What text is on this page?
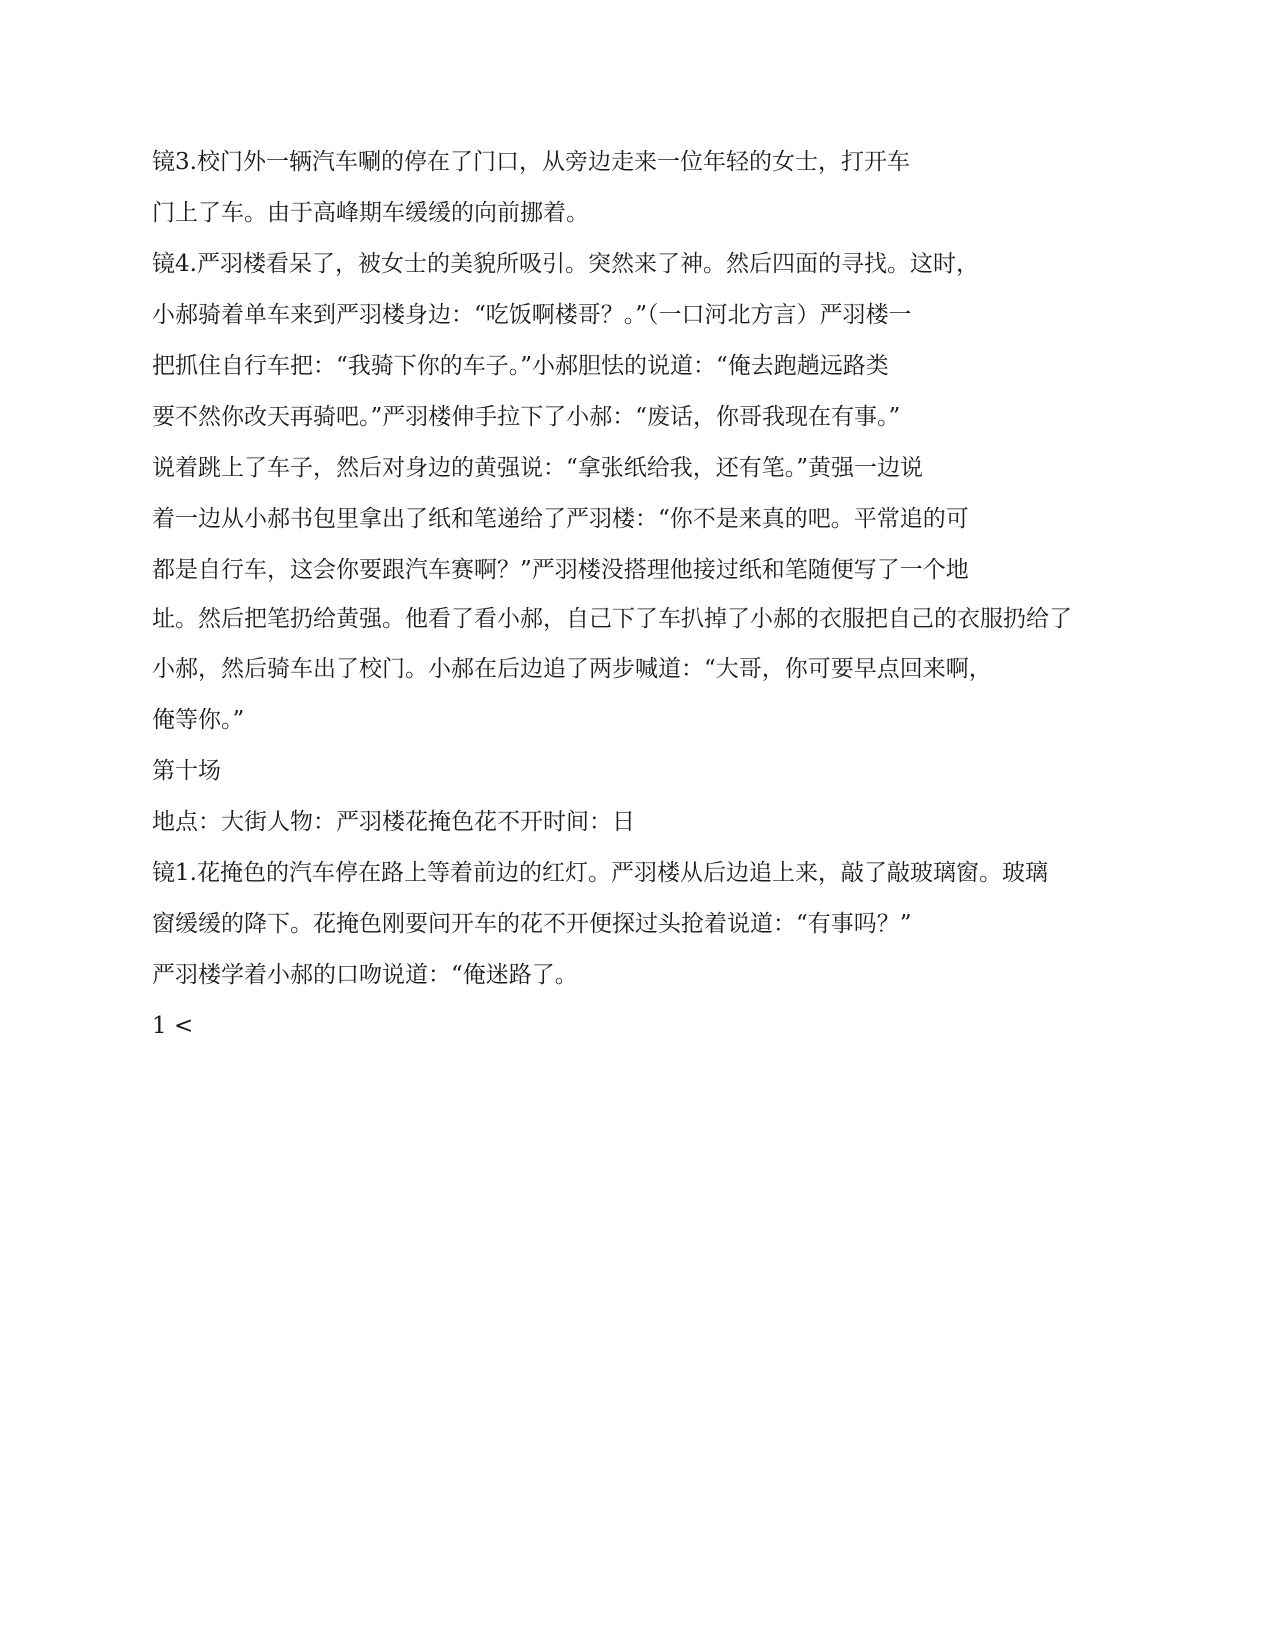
镜3.校门外一辆汽车唰的停在了门口，从旁边走来一位年轻的女士，打开车

门上了车。由于高峰期车缓缓的向前挪着。

镜4.严羽楼看呆了，被女士的美貌所吸引。突然来了神。然后四面的寻找。这时，

小郝骑着单车来到严羽楼身边：“吃饭啊楼哥？。”（一口河北方言）严羽楼一

把抓住自行车把：“我骑下你的车子。”小郝胆怯的说道：“俺去跑趟远路类

要不然你改天再骑吧。”严羽楼伸手拉下了小郝：“废话，你哥我现在有事。”

说着跳上了车子，然后对身边的黄强说：“拿张纸给我，还有笔。”黄强一边说

着一边从小郝书包里拿出了纸和笔递给了严羽楼：“你不是来真的吧。平常追的可

都是自行车，这会你要跟汽车赛啊？”严羽楼没搭理他接过纸和笔随便写了一个地

址。然后把笔扔给黄强。他看了看小郝，自己下了车扒掉了小郝的衣服把自己的衣服扔给了

小郝，然后骑车出了校门。小郝在后边追了两步喊道：“大哥，你可要早点回来啊，

俺等你。”

第十场

地点：大街人物：严羽楼花掩色花不开时间：日

镜1.花掩色的汽车停在路上等着前边的红灯。严羽楼从后边追上来，敲了敲玻璃窗。玻璃

窗缓缓的降下。花掩色刚要问开车的花不开便探过头抢着说道：“有事吗？”

严羽楼学着小郝的口吻说道：“俺迷路了。

1 <
